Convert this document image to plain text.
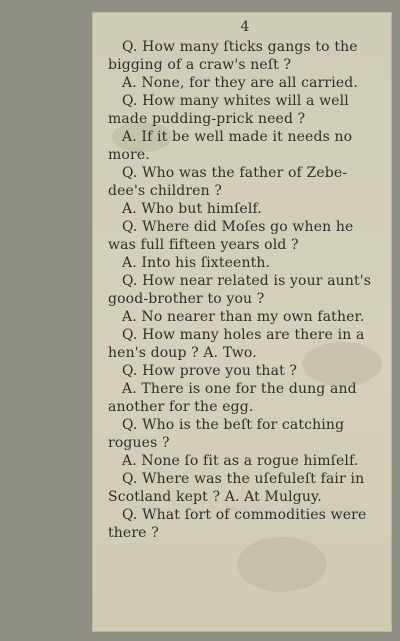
4
Q. How many ſticks gangs to the
bigging of a craw's neſt ?
A. None, for they are all carried.
Q. How many whites will a well
made pudding-prick need ?
A. If it be well made it needs no
more.
Q. Who was the father of Zebe-
dee's children ?
A. Who but himſelf.
Q. Where did Moſes go when he
was full fifteen years old ?
A. Into his ſixteenth.
Q. How near related is your aunt's
good-brother to you ?
A. No nearer than my own father.
Q. How many holes are there in a
hen's doup ? A. Two.
Q. How prove you that ?
A. There is one for the dung and
another for the egg.
Q. Who is the beſt for catching
rogues ?
A. None ſo fit as a rogue himſelf.
Q. Where was the uſefuleſt fair in
Scotland kept ? A. At Mulguy.
Q. What ſort of commodities were
there ?
